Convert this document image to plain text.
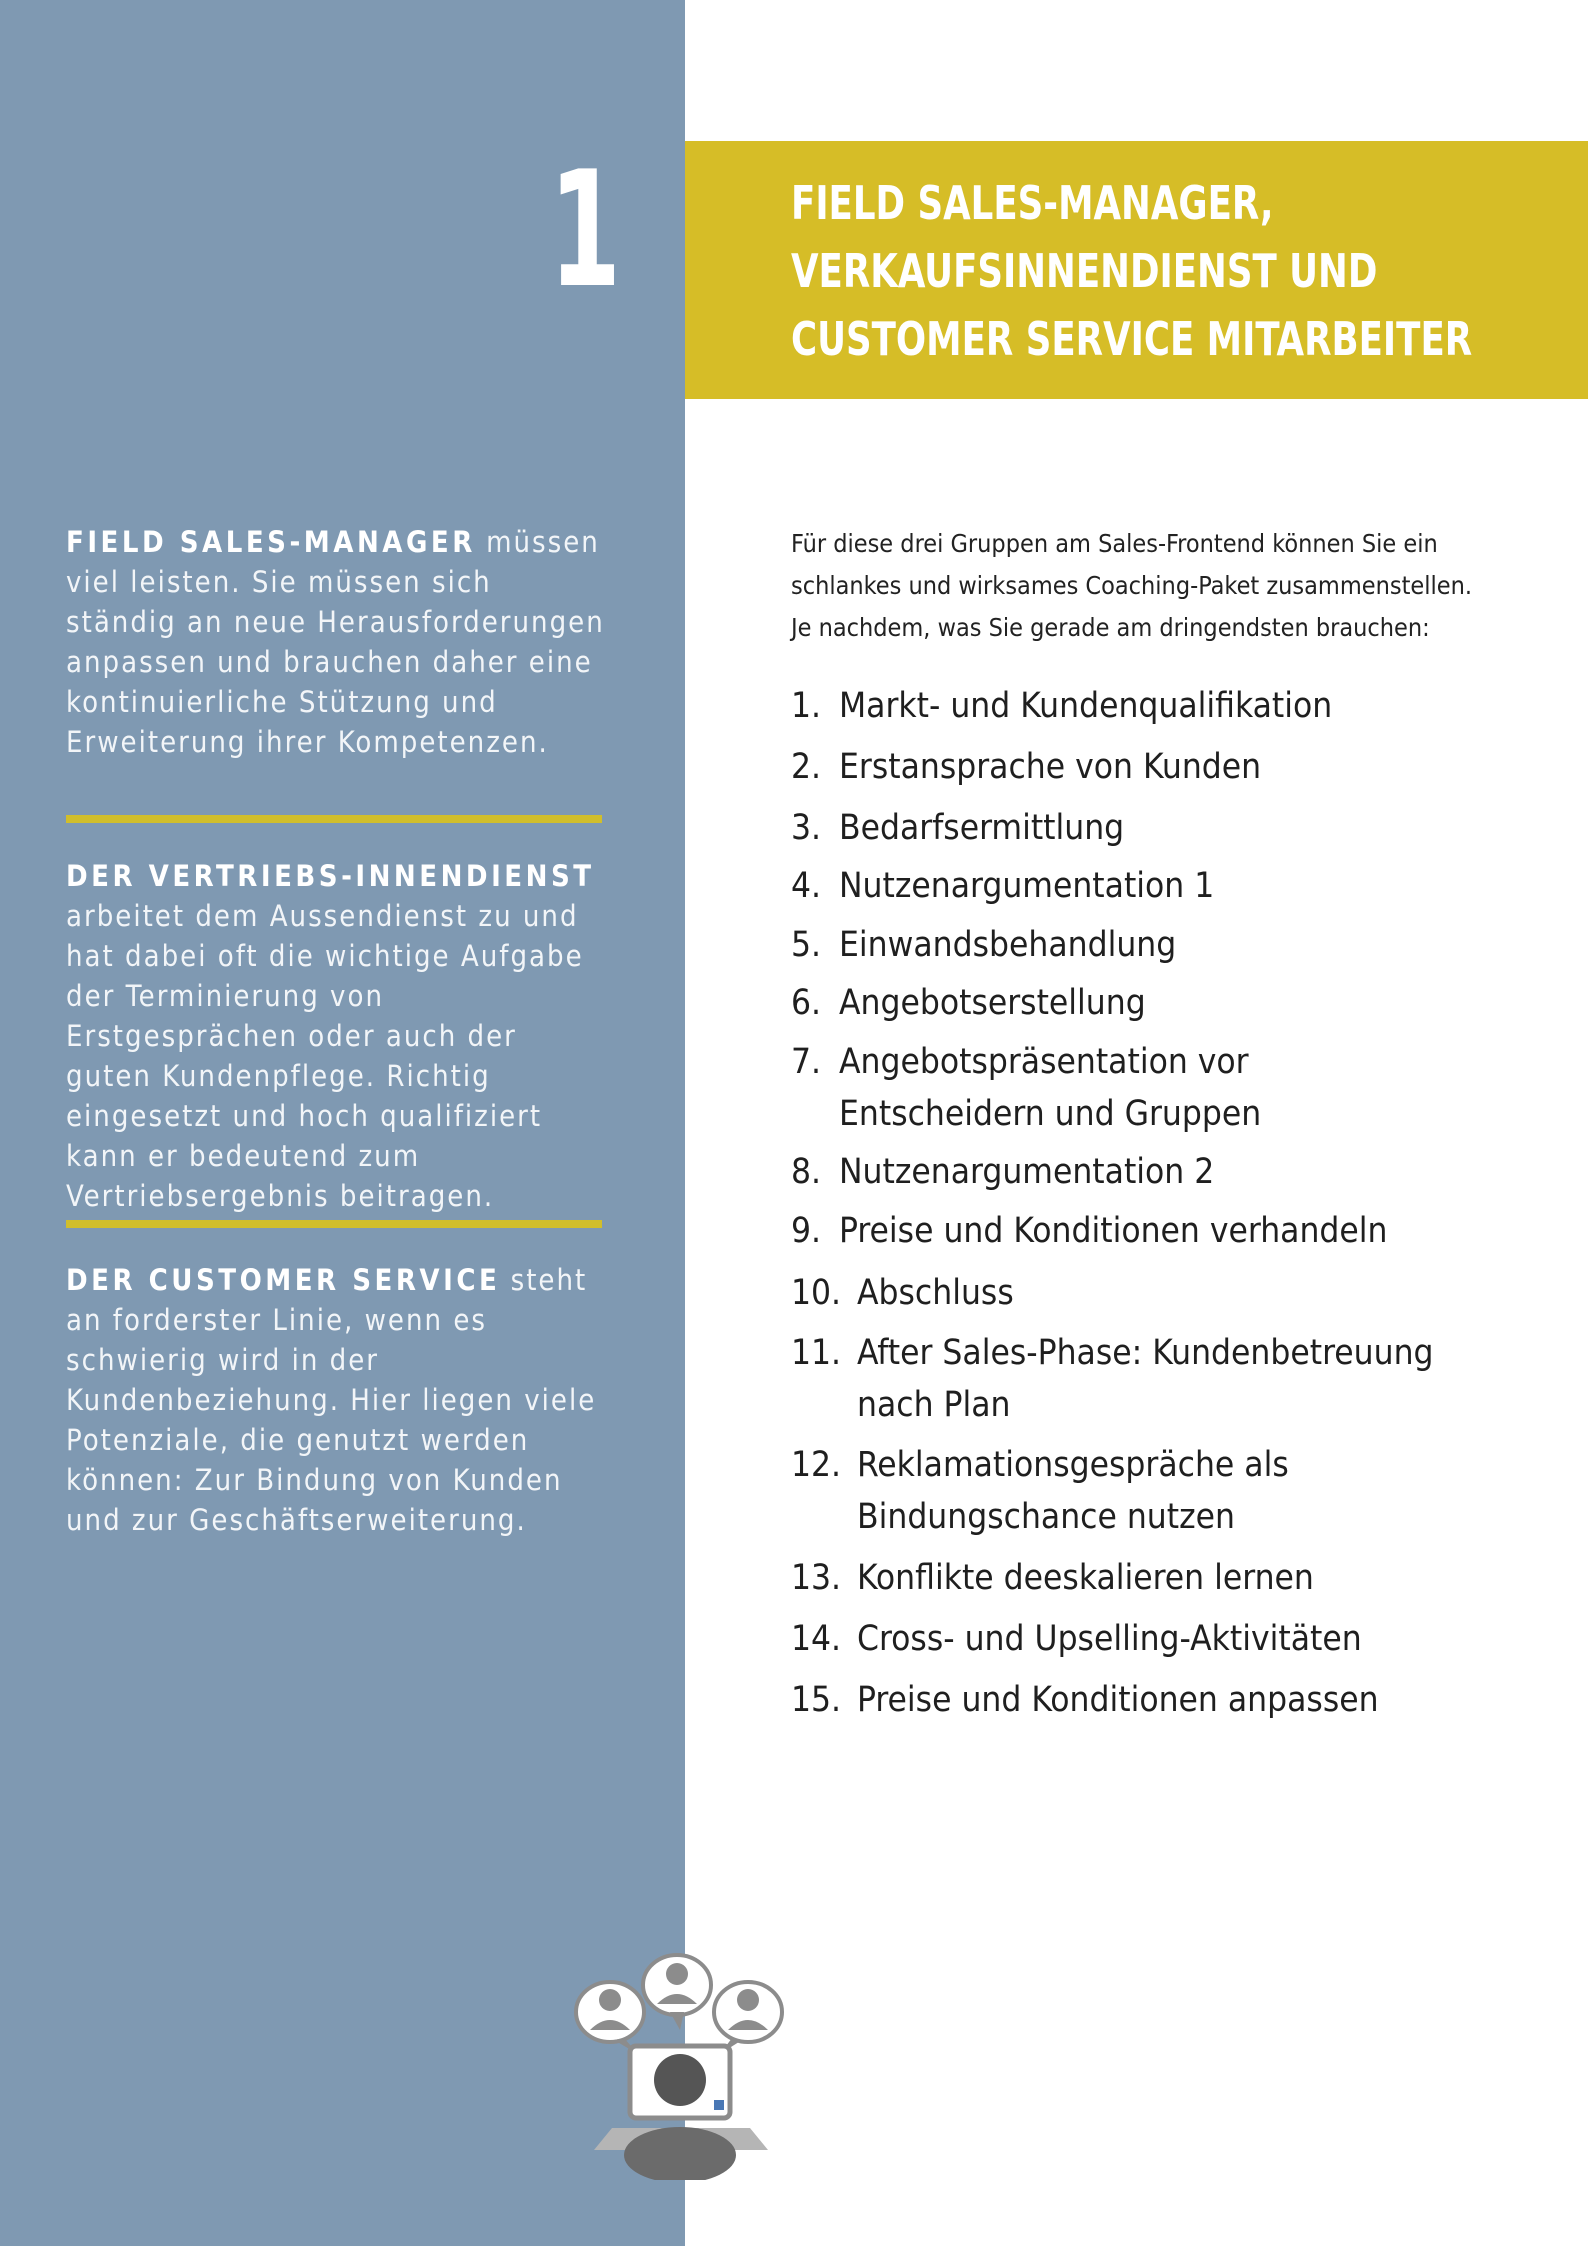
1
FIELD SALES-MANAGER müssen viel leisten. Sie müssen sich ständig an neue Herausforderungen anpassen und brauchen daher eine kontinuierliche Stützung und Erweiterung ihrer Kompetenzen.
DER VERTRIEBS-INNENDIENST
arbeitet dem Aussendienst zu und hat dabei oft die wichtige Aufgabe der Terminierung von Erstgesprächen oder auch der guten Kundenpflege. Richtig eingesetzt und hoch qualifiziert kann er bedeutend zum Vertriebsergebnis beitragen.
DER CUSTOMER SERVICE steht an forderster Linie, wenn es schwierig wird in der Kundenbeziehung. Hier liegen viele Potenziale, die genutzt werden können: Zur Bindung von Kunden und zur Geschäftserweiterung.
FIELD SALES-MANAGER,
VERKAUFSINNENDIENST UND
CUSTOMER SERVICE MITARBEITER
Für diese drei Gruppen am Sales-Frontend können Sie ein
schlankes und wirksames Coaching-Paket zusammenstellen.
Je nachdem, was Sie gerade am dringendsten brauchen:
1. Markt- und Kundenqualifikation
2. Erstansprache von Kunden
3. Bedarfsermittlung
4. Nutzenargumentation 1
5. Einwandsbehandlung
6. Angebotserstellung
7. Angebotspräsentation vor Entscheidern und Gruppen
8. Nutzenargumentation 2
9. Preise und Konditionen verhandeln
10. Abschluss
11. After Sales-Phase: Kundenbetreuung nach Plan
12. Reklamationsgespräche als Bindungschance nutzen
13. Konflikte deeskalieren lernen
14. Cross- und Upselling-Aktivitäten
15. Preise und Konditionen anpassen
